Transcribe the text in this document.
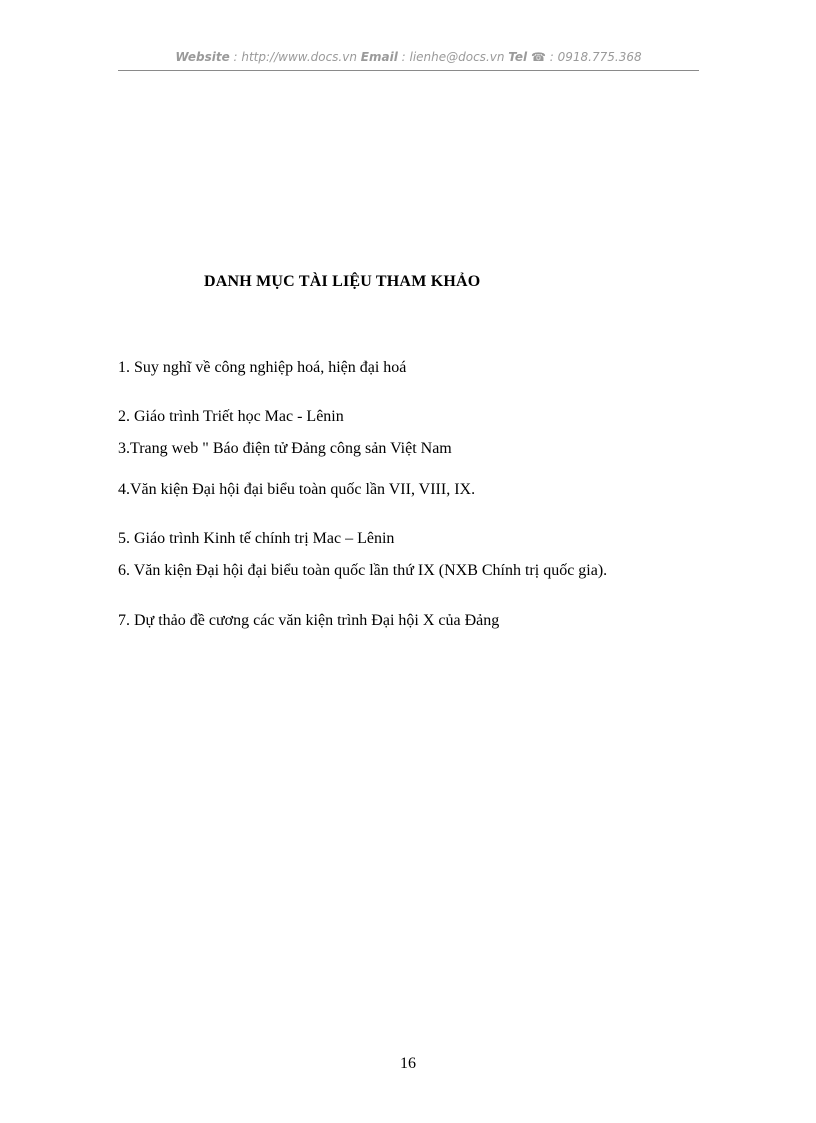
Website : http://www.docs.vn Email : lienhe@docs.vn Tel ☎ : 0918.775.368
DANH MỤC TÀI LIỆU THAM KHẢO
1. Suy nghĩ về công nghiệp hoá, hiện đại hoá
2. Giáo trình Triết học Mac - Lênin
3.Trang web " Báo điện tử Đảng công sản Việt Nam
4.Văn kiện Đại hội đại biểu toàn quốc lần VII, VIII, IX.
5. Giáo trình Kinh tế chính trị Mac – Lênin
6. Văn kiện Đại hội đại biểu toàn quốc lần thứ IX (NXB Chính trị quốc gia).
7. Dự thảo đề cương các văn kiện trình Đại hội X của Đảng
16
